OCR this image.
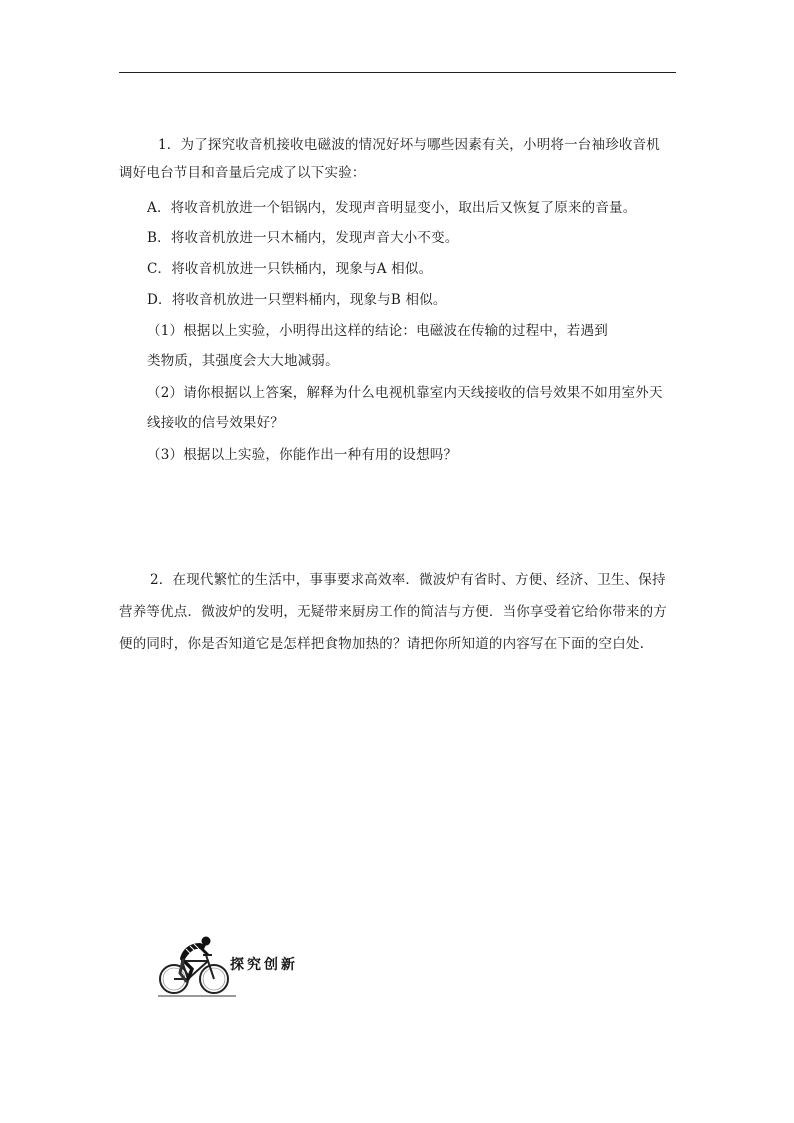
1．为了探究收音机接收电磁波的情况好坏与哪些因素有关，小明将一台袖珍收音机
调好电台节目和音量后完成了以下实验：
A．将收音机放进一个铝锅内，发现声音明显变小，取出后又恢复了原来的音量。
B．将收音机放进一只木桶内，发现声音大小不变。
C．将收音机放进一只铁桶内，现象与A 相似。
D．将收音机放进一只塑料桶内，现象与B 相似。
（1）根据以上实验，小明得出这样的结论：电磁波在传输的过程中，若遇到
类物质，其强度会大大地减弱。
（2）请你根据以上答案，解释为什么电视机靠室内天线接收的信号效果不如用室外天
线接收的信号效果好？
（3）根据以上实验，你能作出一种有用的设想吗？
2．在现代繁忙的生活中，事事要求高效率．微波炉有省时、方便、经济、卫生、保持
营养等优点．微波炉的发明，无疑带来厨房工作的简洁与方便．当你享受着它给你带来的方
便的同时，你是否知道它是怎样把食物加热的？请把你所知道的内容写在下面的空白处.
探究创新
